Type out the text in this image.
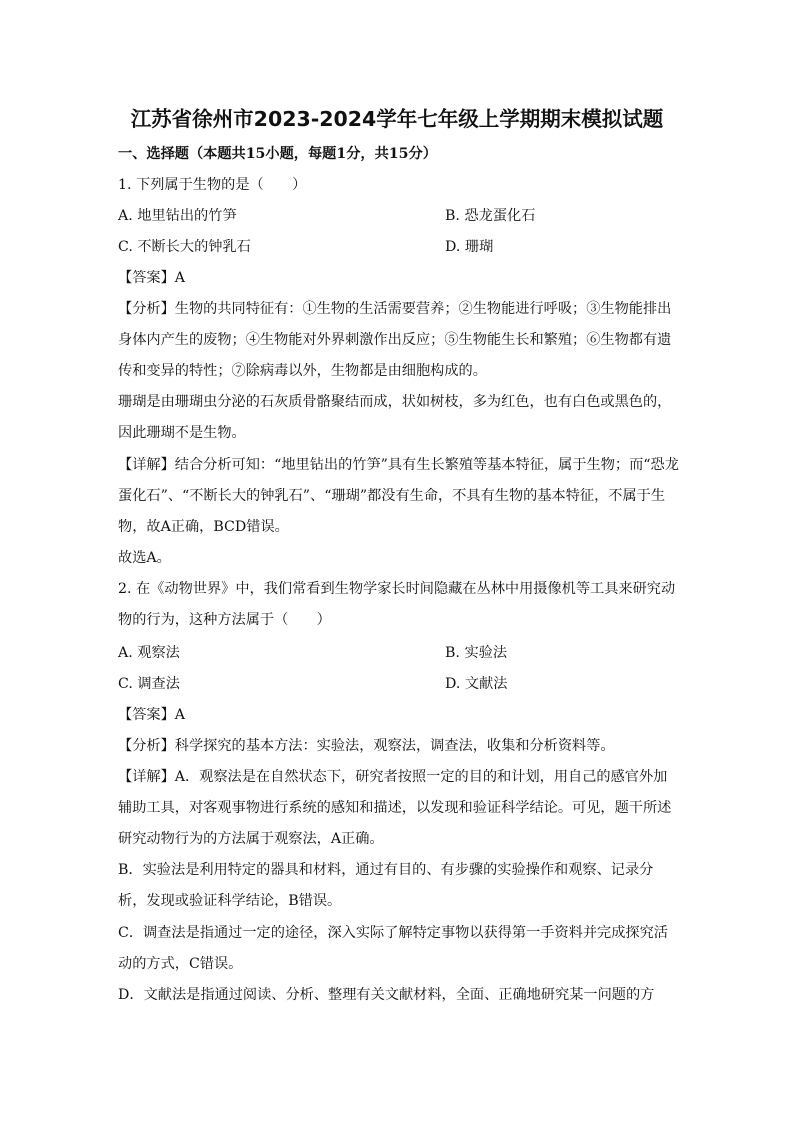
江苏省徐州市2023-2024学年七年级上学期期末模拟试题
一、选择题（本题共15小题，每题1分，共15分）
1. 下列属于生物的是（　　）
A. 地里钻出的竹笋	B. 恐龙蛋化石
C. 不断长大的钟乳石	D. 珊瑚
【答案】A
【分析】生物的共同特征有：①生物的生活需要营养；②生物能进行呼吸；③生物能排出
身体内产生的废物；④生物能对外界刺激作出反应；⑤生物能生长和繁殖；⑥生物都有遗
传和变异的特性；⑦除病毒以外，生物都是由细胞构成的。
珊瑚是由珊瑚虫分泌的石灰质骨骼聚结而成，状如树枝，多为红色，也有白色或黑色的，
因此珊瑚不是生物。
【详解】结合分析可知：“地里钻出的竹笋”具有生长繁殖等基本特征，属于生物；而“恐龙
蛋化石”、“不断长大的钟乳石”、“珊瑚”都没有生命，不具有生物的基本特征，不属于生
物，故A正确，BCD错误。
故选A。
2. 在《动物世界》中，我们常看到生物学家长时间隐藏在丛林中用摄像机等工具来研究动
物的行为，这种方法属于（　　）
A. 观察法	B. 实验法
C. 调查法	D. 文献法
【答案】A
【分析】科学探究的基本方法：实验法，观察法，调查法，收集和分析资料等。
【详解】A．观察法是在自然状态下，研究者按照一定的目的和计划，用自己的感官外加
辅助工具，对客观事物进行系统的感知和描述，以发现和验证科学结论。可见，题干所述
研究动物行为的方法属于观察法，A正确。
B．实验法是利用特定的器具和材料，通过有目的、有步骤的实验操作和观察、记录分
析，发现或验证科学结论，B错误。
C．调查法是指通过一定的途径，深入实际了解特定事物以获得第一手资料并完成探究活
动的方式，C错误。
D．文献法是指通过阅读、分析、整理有关文献材料，全面、正确地研究某一问题的方
